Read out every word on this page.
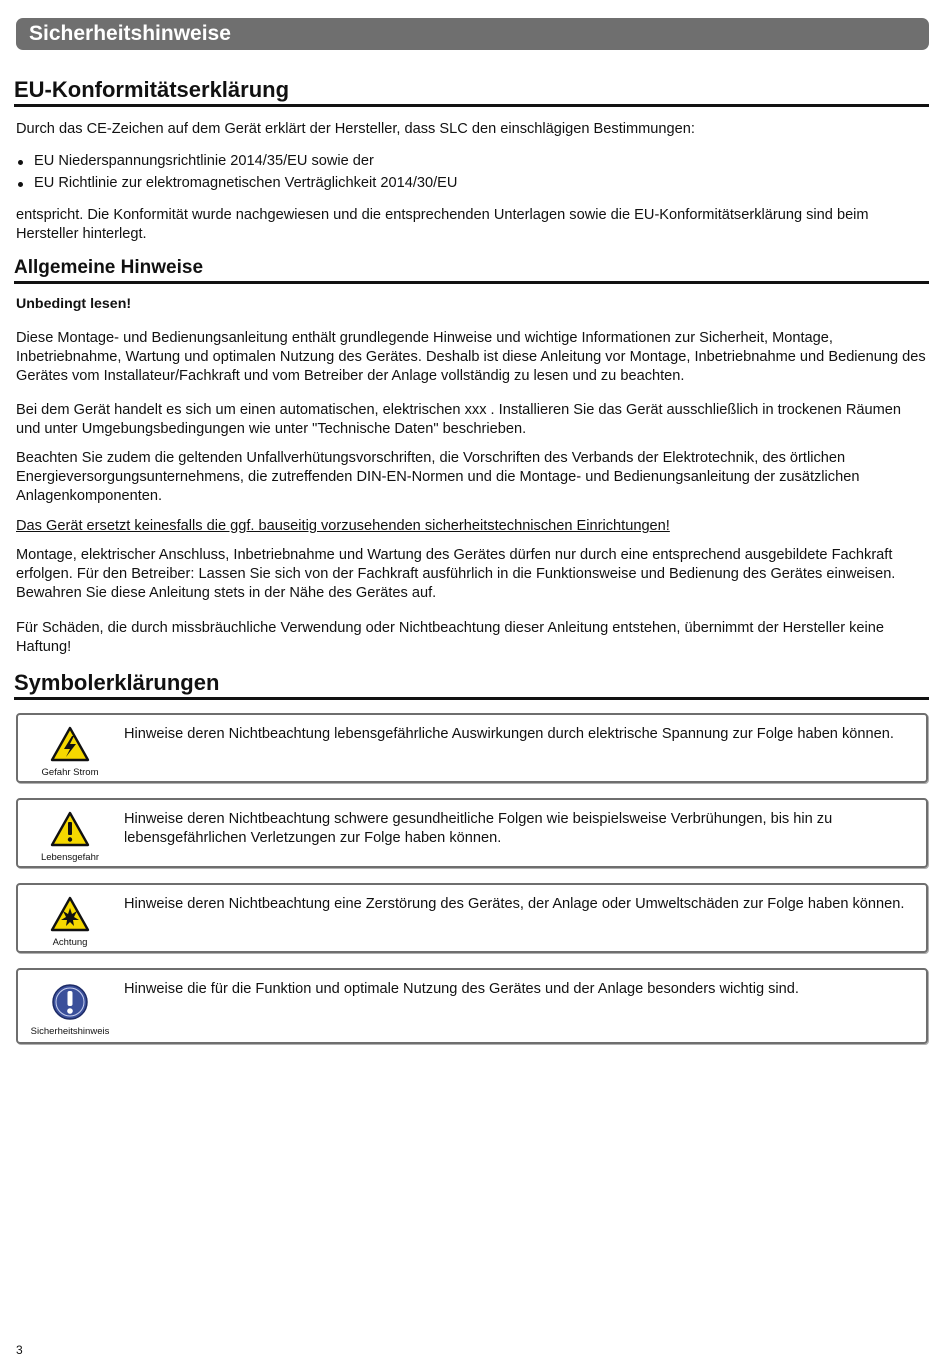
Sicherheitshinweise
EU-Konformitätserklärung

Durch das CE-Zeichen auf dem Gerät erklärt der Hersteller, dass SLC den einschlägigen Bestimmungen:

EU Niederspannungsrichtlinie 2014/35/EU sowie der
EU Richtlinie zur elektromagnetischen Verträglichkeit 2014/30/EU

entspricht. Die Konformität wurde nachgewiesen und die entsprechenden Unterlagen sowie die EU-Konformitätserklärung sind beim Hersteller hinterlegt.

Allgemeine Hinweise

Unbedingt lesen!

Diese Montage- und Bedienungsanleitung enthält grundlegende Hinweise und wichtige Informationen zur Sicherheit, Montage, Inbetriebnahme, Wartung und optimalen Nutzung des Gerätes. Deshalb ist diese Anleitung vor Montage, Inbetriebnahme und Bedienung des Gerätes vom Installateur/Fachkraft und vom Betreiber der Anlage vollständig zu lesen und zu beachten.

Bei dem Gerät handelt es sich um einen automatischen, elektrischen xxx . Installieren Sie das Gerät ausschließlich in trockenen Räumen und unter Umgebungsbedingungen wie unter "Technische Daten" beschrieben.

Beachten Sie zudem die geltenden Unfallverhütungsvorschriften, die Vorschriften des Verbands der Elektrotechnik, des örtlichen Energieversorgungsunternehmens, die zutreffenden DIN-EN-Normen und die Montage- und Bedienungsanleitung der zusätzlichen Anlagenkomponenten.

Das Gerät ersetzt keinesfalls die ggf. bauseitig vorzusehenden sicherheitstechnischen Einrichtungen!

Montage, elektrischer Anschluss, Inbetriebnahme und Wartung des Gerätes dürfen nur durch eine entsprechend ausgebildete Fachkraft erfolgen. Für den Betreiber: Lassen Sie sich von der Fachkraft ausführlich in die Funktionsweise und Bedienung des Gerätes einweisen. Bewahren Sie diese Anleitung stets in der Nähe des Gerätes auf.

Für Schäden, die durch missbräuchliche Verwendung oder Nichtbeachtung dieser Anleitung entstehen, übernimmt der Hersteller keine Haftung!

Symbolerklärungen
Gefahr Strom
Hinweise deren Nichtbeachtung lebensgefährliche Auswirkungen durch elektrische Spannung zur Folge haben können.
Lebensgefahr
Hinweise deren Nichtbeachtung schwere gesundheitliche Folgen wie beispielsweise Verbrühungen, bis hin zu lebensgefährlichen Verletzungen zur Folge haben können.
Achtung
Hinweise deren Nichtbeachtung eine Zerstörung des Gerätes, der Anlage oder Umweltschäden zur Folge haben können.
Sicherheitshinweis
Hinweise die für die Funktion und optimale Nutzung des Gerätes und der Anlage besonders wichtig sind.
3
